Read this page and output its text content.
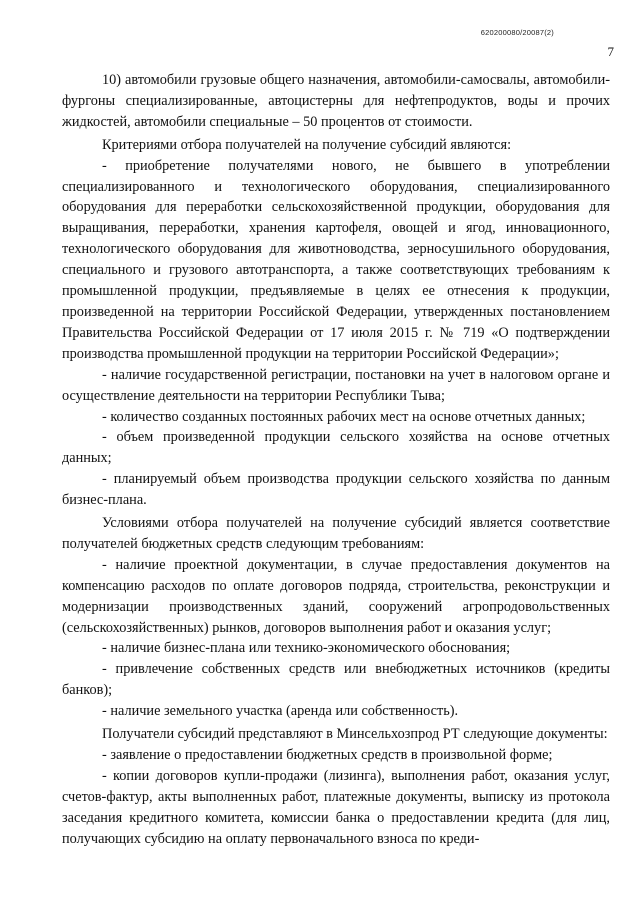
620200080/20087(2)
7

10) автомобили грузовые общего назначения, автомобили-самосвалы, автомобили-фургоны специализированные, автоцистерны для нефтепродуктов, воды и прочих жидкостей, автомобили специальные – 50 процентов от стоимости.

Критериями отбора получателей на получение субсидий являются:

- приобретение получателями нового, не бывшего в употреблении специализированного и технологического оборудования, специализированного оборудования для переработки сельскохозяйственной продукции, оборудования для выращивания, переработки, хранения картофеля, овощей и ягод, инновационного, технологического оборудования для животноводства, зерносушильного оборудования, специального и грузового автотранспорта, а также соответствующих требованиям к промышленной продукции, предъявляемые в целях ее отнесения к продукции, произведенной на территории Российской Федерации, утвержденных постановлением Правительства Российской Федерации от 17 июля 2015 г. № 719 «О подтверждении производства промышленной продукции на территории Российской Федерации»;

- наличие государственной регистрации, постановки на учет в налоговом органе и осуществление деятельности на территории Республики Тыва;

- количество созданных постоянных рабочих мест на основе отчетных данных;

- объем произведенной продукции сельского хозяйства на основе отчетных данных;

- планируемый объем производства продукции сельского хозяйства по данным бизнес-плана.

Условиями отбора получателей на получение субсидий является соответствие получателей бюджетных средств следующим требованиям:

- наличие проектной документации, в случае предоставления документов на компенсацию расходов по оплате договоров подряда, строительства, реконструкции и модернизации производственных зданий, сооружений агропродовольственных (сельскохозяйственных) рынков, договоров выполнения работ и оказания услуг;

- наличие бизнес-плана или технико-экономического обоснования;

- привлечение собственных средств или внебюджетных источников (кредиты банков);

- наличие земельного участка (аренда или собственность).

Получатели субсидий представляют в Минсельхозпрод РТ следующие документы:

- заявление о предоставлении бюджетных средств в произвольной форме;

- копии договоров купли-продажи (лизинга), выполнения работ, оказания услуг, счетов-фактур, акты выполненных работ, платежные документы, выписку из протокола заседания кредитного комитета, комиссии банка о предоставлении кредита (для лиц, получающих субсидию на оплату первоначального взноса по креди-
